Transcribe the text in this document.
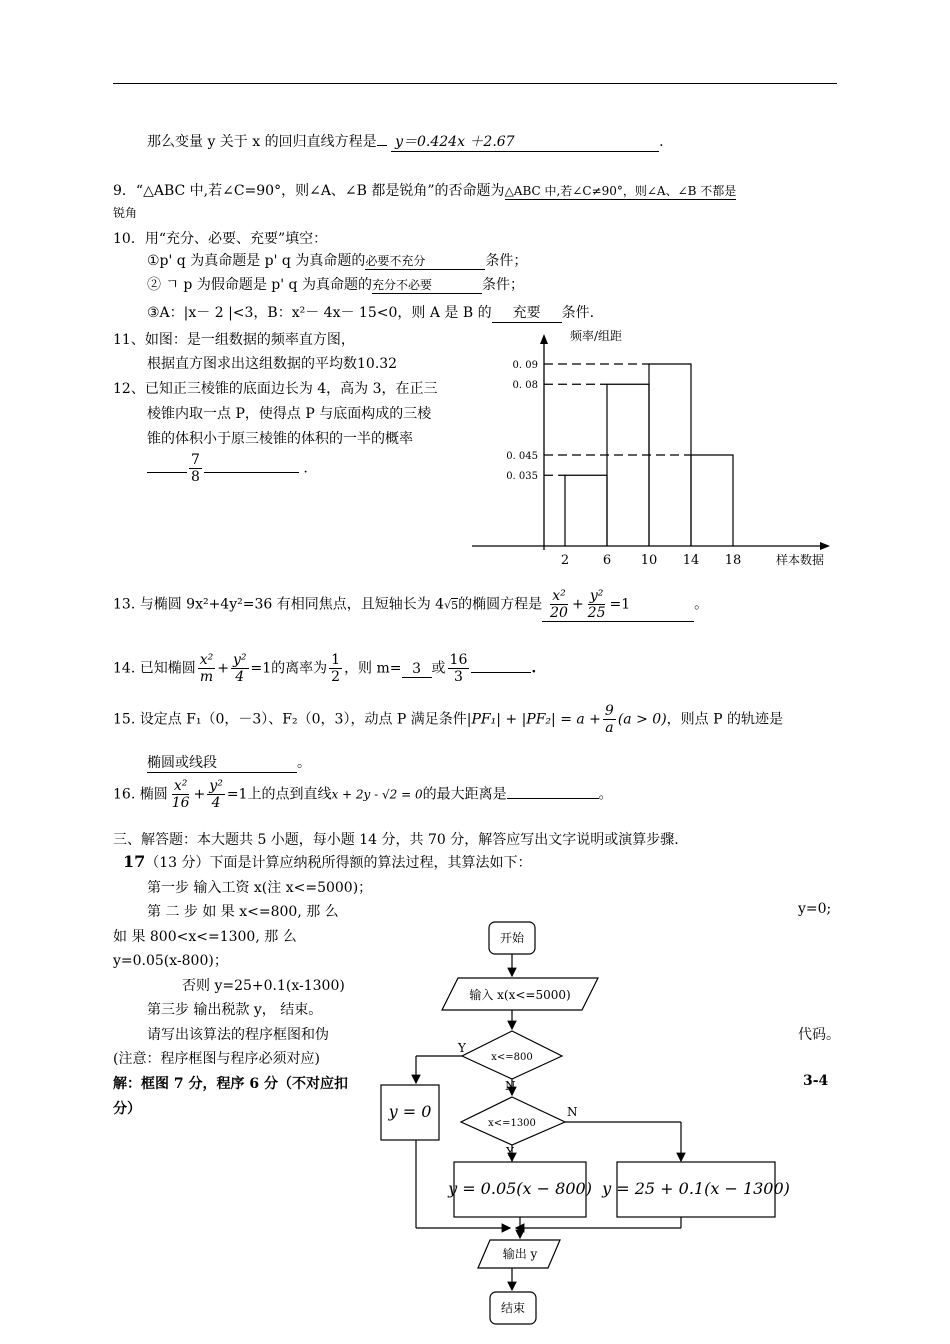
那么变量 y 关于 x 的回归直线方程是 y＝0.424x ＋2.67	.
9．“△ABC 中,若∠C=90°，则∠A、∠B 都是锐角”的否命题为△ABC 中,若∠C≠90°，则∠A、∠B 不都是
锐角
10．用“充分、必要、充要”填空：
①p' q 为真命题是 p' q 为真命题的必要不充分	条件；
② ㄱ p 为假命题是 p' q 为真命题的充分不必要	条件；
③A：|x－ 2 |<3，B：x²－ 4x－ 15<0，则 A 是 B 的 充要 条件.
11、如图：是一组数据的频率直方图，
根据直方图求出这组数据的平均数10.32
12、已知正三棱锥的底面边长为 4，高为 3，在正三
棱锥内取一点 P，使得点 P 与底面构成的三棱
锥的体积小于原三棱锥的体积的一半的概率
$\frac{7}{8}$	.
频率/组距
样本数据
0. 09
0. 08
0. 045
0. 035
2	6 10 14 18
13. 与椭圆 9x²+4y²=36 有相同焦点，且短轴长为 4√5的椭圆方程是 $\frac{\text{x²}}{20} + \frac{\text{y²}}{25} =1$	。
14. 已知椭圆 $\frac{\text{x²}}{m} + \frac{\text{y²}}{4} =1$的离率为 $\frac{1}{2}$ ，则 m= 3 或 $\frac{16}{3}$	.
15. 设定点 F₁（0，－3）、F₂（0，3），动点 P 满足条件$|PF_1| + |PF_2| = a + \frac{9}{a} (a > 0)$，则点 P 的轨迹是
椭圆或线段	。
16. 椭圆 $\frac{\text{x²}}{16} + \frac{\text{y²}}{4} =1$上的点到直线x + 2y - √2 = 0的最大距离是	。
三、解答题：本大题共 5 小题，每小题 14 分，共 70 分，解答应写出文字说明或演算步骤.
17（13 分）下面是计算应纳税所得额的算法过程，其算法如下：
第一步 输入工资 x(注 x<=5000)；
第 二 步 如 果 x<=800, 那 么	y=0;
如 果 800<x<=1300, 那 么
y=0.05(x-800)；
否则 y=25+0.1(x-1300)
第三步 输出税款 y， 结束。
请写出该算法的程序框图和伪	代码。
(注意：程序框图与程序必须对应)
解：框图 7 分，程序 6 分（不对应扣	3-4
分）
开始
输入 x(x<=5000)
x<=800
x<=1300
Y
N
N
Y
y = 0
y = 0.05(x − 800) y = 25 + 0.1(x − 1300)
输出 y
结束
